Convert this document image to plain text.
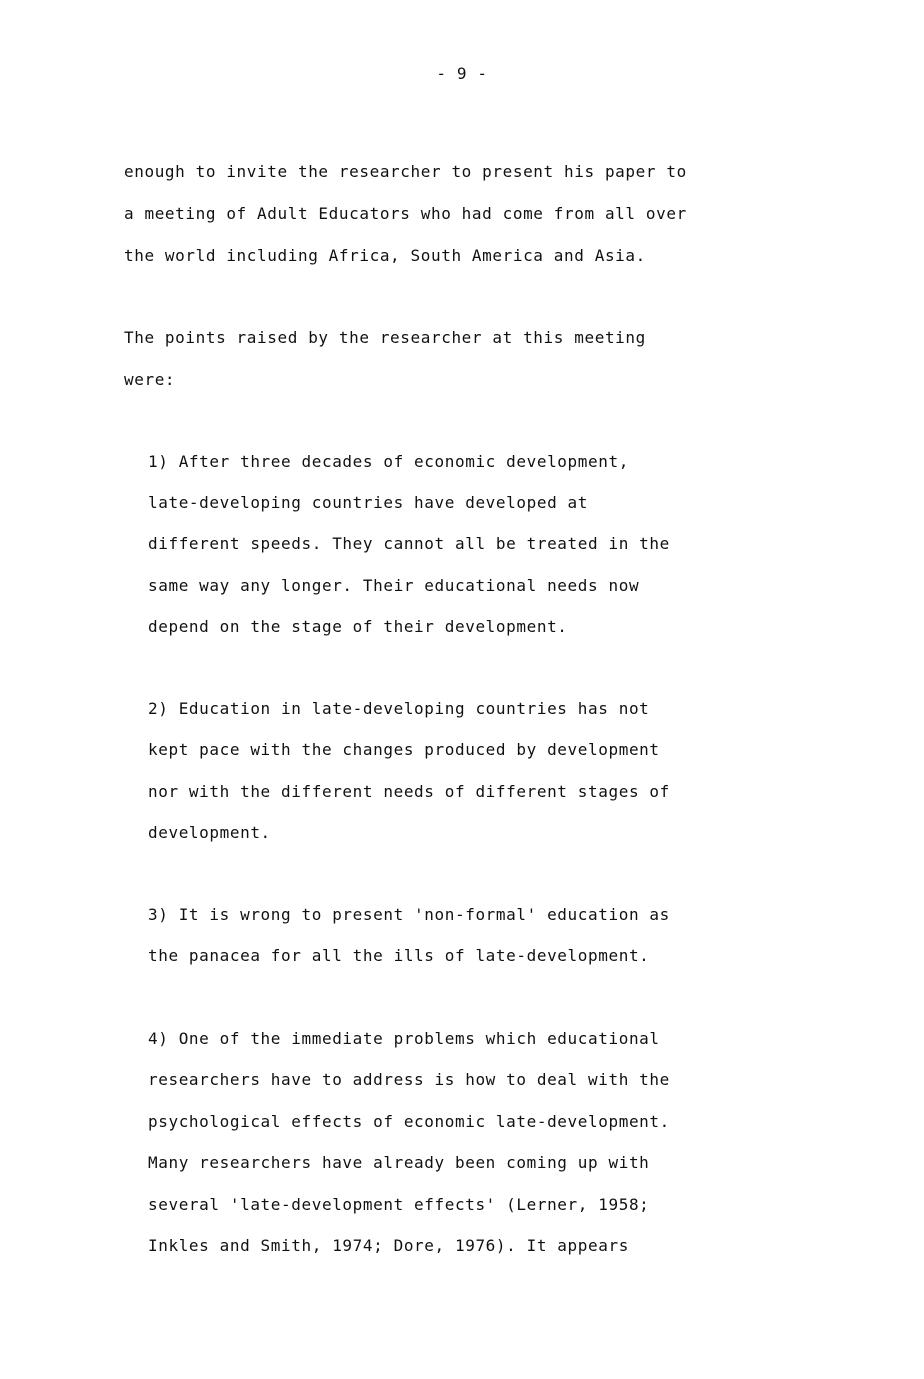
- 9 -
enough to invite the researcher to present his paper to
a meeting of Adult Educators who had come from all over
the world including Africa, South America and Asia.
The points raised by the researcher at this meeting
were:
1) After three decades of economic development,
late-developing countries have developed at
different speeds. They cannot all be treated in the
same way any longer. Their educational needs now
depend on the stage of their development.
2) Education in late-developing countries has not
kept pace with the changes produced by development
nor with the different needs of different stages of
development.
3) It is wrong to present 'non-formal' education as
the panacea for all the ills of late-development.
4) One of the immediate problems which educational
researchers have to address is how to deal with the
psychological effects of economic late-development.
Many researchers have already been coming up with
several 'late-development effects' (Lerner, 1958;
Inkles and Smith, 1974; Dore, 1976). It appears
